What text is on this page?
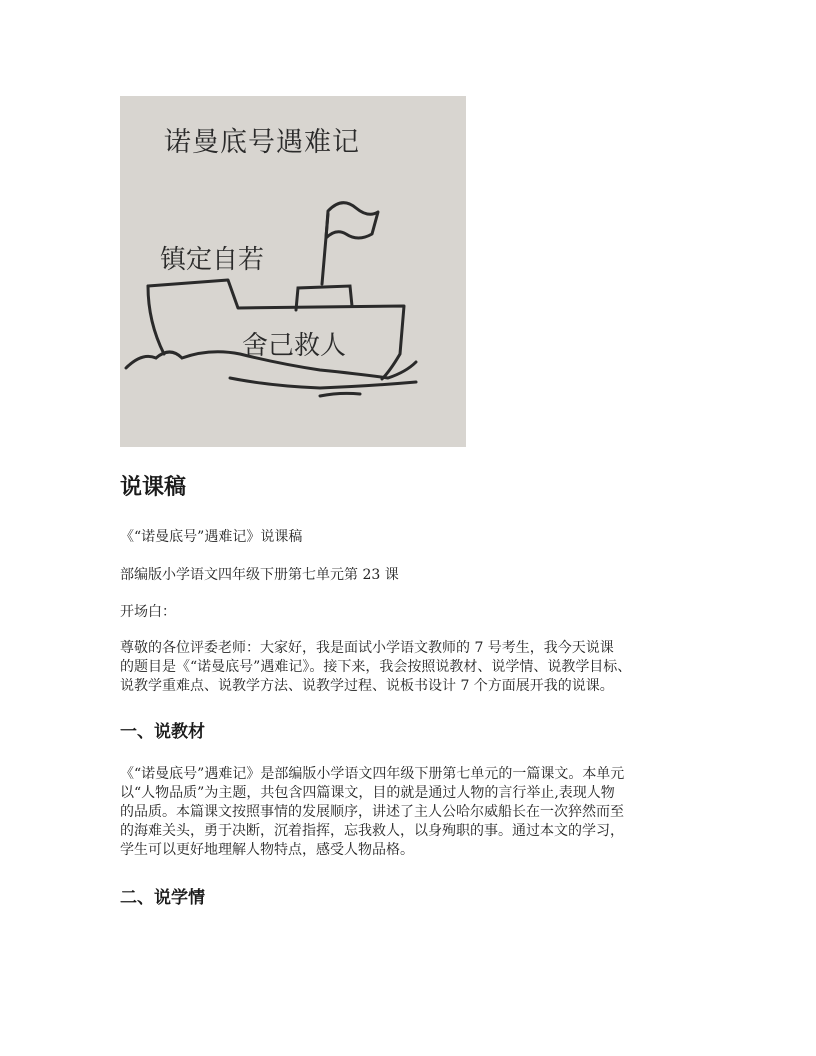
诺曼底号遇难记
镇定自若
舍己救人
说课稿

《“诺曼底号”遇难记》说课稿

部编版小学语文四年级下册第七单元第 23 课

开场白：

尊敬的各位评委老师：大家好，我是面试小学语文教师的 7 号考生，我今天说课
的题目是《“诺曼底号”遇难记》。接下来，我会按照说教材、说学情、说教学目标、
说教学重难点、说教学方法、说教学过程、说板书设计 7 个方面展开我的说课。

一、说教材

《“诺曼底号”遇难记》是部编版小学语文四年级下册第七单元的一篇课文。本单元
以“人物品质”为主题，共包含四篇课文，目的就是通过人物的言行举止,表现人物
的品质。本篇课文按照事情的发展顺序，讲述了主人公哈尔威船长在一次猝然而至
的海难关头，勇于决断，沉着指挥，忘我救人，以身殉职的事。通过本文的学习，
学生可以更好地理解人物特点，感受人物品格。

二、说学情
